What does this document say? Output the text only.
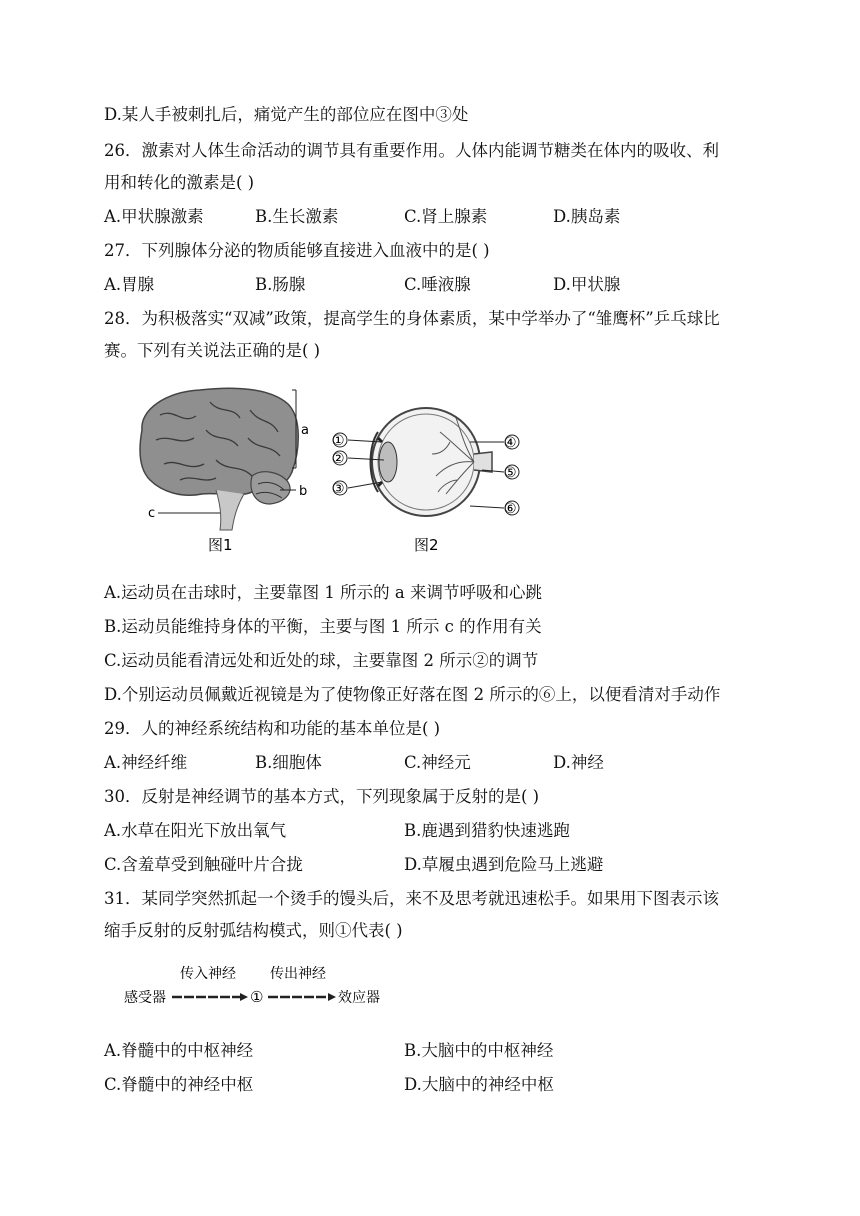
D.某人手被刺扎后，痛觉产生的部位应在图中③处
26．激素对人体生命活动的调节具有重要作用。人体内能调节糖类在体内的吸收、利
用和转化的激素是( )
A.甲状腺激素	B.生长激素	C.肾上腺素	D.胰岛素
27．下列腺体分泌的物质能够直接进入血液中的是( )
A.胃腺	B.肠腺	C.唾液腺	D.甲状腺
28．为积极落实“双减”政策，提高学生的身体素质，某中学举办了“雏鹰杯”乒乓球比
赛。下列有关说法正确的是( )
a
b
c
图1
①
②
③
④
⑤
⑥
图2
A.运动员在击球时，主要靠图 1 所示的 a 来调节呼吸和心跳
B.运动员能维持身体的平衡，主要与图 1 所示 c 的作用有关
C.运动员能看清远处和近处的球，主要靠图 2 所示②的调节
D.个别运动员佩戴近视镜是为了使物像正好落在图 2 所示的⑥上，以便看清对手动作
29．人的神经系统结构和功能的基本单位是( )
A.神经纤维	B.细胞体	C.神经元	D.神经
30．反射是神经调节的基本方式，下列现象属于反射的是( )
A.水草在阳光下放出氧气	B.鹿遇到猎豹快速逃跑
C.含羞草受到触碰叶片合拢	D.草履虫遇到危险马上逃避
31．某同学突然抓起一个烫手的馒头后，来不及思考就迅速松手。如果用下图表示该
缩手反射的反射弧结构模式，则①代表( )
传入神经 传出神经
感受器	①	效应器
A.脊髓中的中枢神经	B.大脑中的中枢神经
C.脊髓中的神经中枢	D.大脑中的神经中枢
